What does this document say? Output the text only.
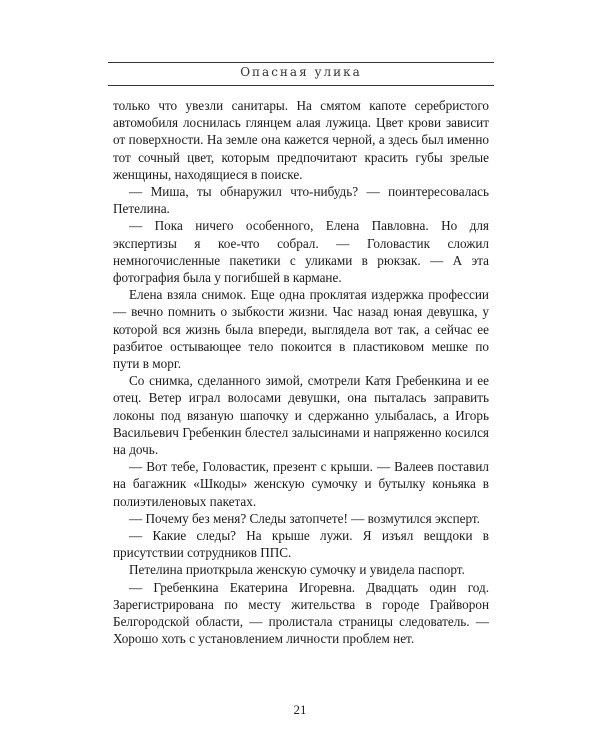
Опасная улика

только что увезли санитары. На смятом капоте серебристого автомобиля лоснилась глянцем алая лужица. Цвет крови зависит от поверхности. На земле она кажется черной, а здесь был именно тот сочный цвет, которым предпочитают красить губы зрелые женщины, находящиеся в поиске.

— Миша, ты обнаружил что-нибудь? — поинтересовалась Петелина.

— Пока ничего особенного, Елена Павловна. Но для экспертизы я кое-что собрал. — Головастик сложил немногочисленные пакетики с уликами в рюкзак. — А эта фотография была у погибшей в кармане.

Елена взяла снимок. Еще одна проклятая издержка профессии — вечно помнить о зыбкости жизни. Час назад юная девушка, у которой вся жизнь была впереди, выглядела вот так, а сейчас ее разбитое остывающее тело покоится в пластиковом мешке по пути в морг.

Со снимка, сделанного зимой, смотрели Катя Гребенкина и ее отец. Ветер играл волосами девушки, она пыталась заправить локоны под вязаную шапочку и сдержанно улыбалась, а Игорь Васильевич Гребенкин блестел залысинами и напряженно косился на дочь.

— Вот тебе, Головастик, презент с крыши. — Валеев поставил на багажник «Шкоды» женскую сумочку и бутылку коньяка в полиэтиленовых пакетах.

— Почему без меня? Следы затопчете! — возмутился эксперт.

— Какие следы? На крыше лужи. Я изъял вещдоки в присутствии сотрудников ППС.

Петелина приоткрыла женскую сумочку и увидела паспорт.

— Гребенкина Екатерина Игоревна. Двадцать один год. Зарегистрирована по месту жительства в городе Грайворон Белгородской области, — пролистала страницы следователь. — Хорошо хоть с установлением личности проблем нет.

21
